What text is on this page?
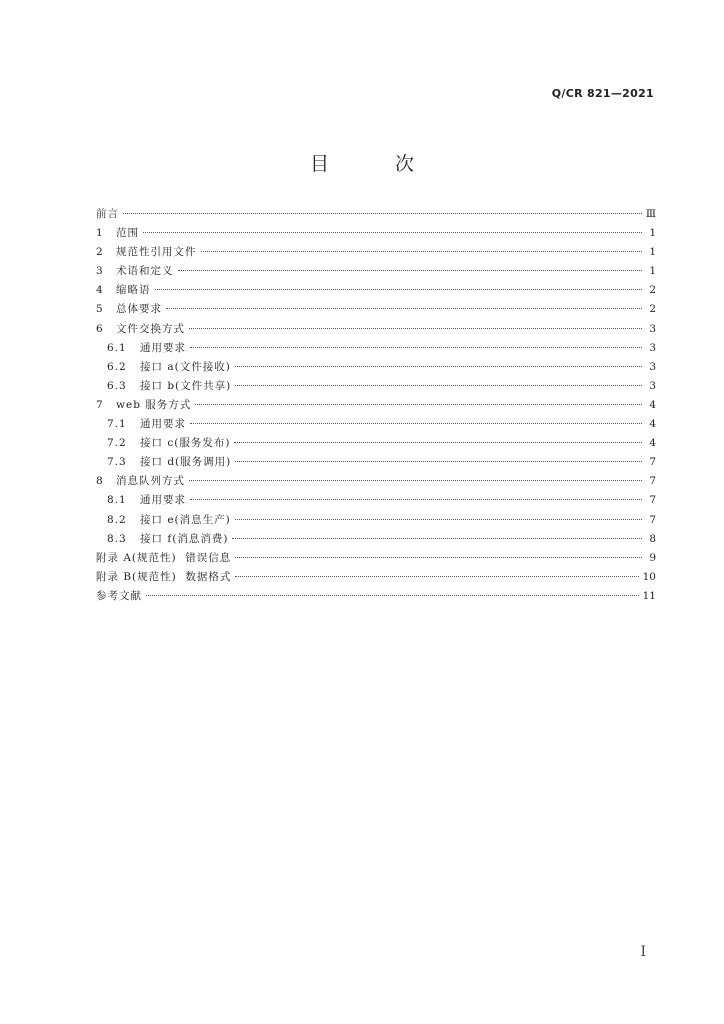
Q/CR 821—2021
目 次
前言	Ⅲ
1	范围	1
2	规范性引用文件	1
3	术语和定义	1
4	缩略语	2
5	总体要求	2
6	文件交换方式	3
6.1	通用要求	3
6.2	接口 a(文件接收)	3
6.3	接口 b(文件共享)	3
7	web 服务方式	4
7.1	通用要求	4
7.2	接口 c(服务发布)	4
7.3	接口 d(服务调用)	7
8	消息队列方式	7
8.1	通用要求	7
8.2	接口 e(消息生产)	7
8.3	接口 f(消息消费)	8
附录 A(规范性)  错误信息	9
附录 B(规范性)  数据格式	10
参考文献	11
I
